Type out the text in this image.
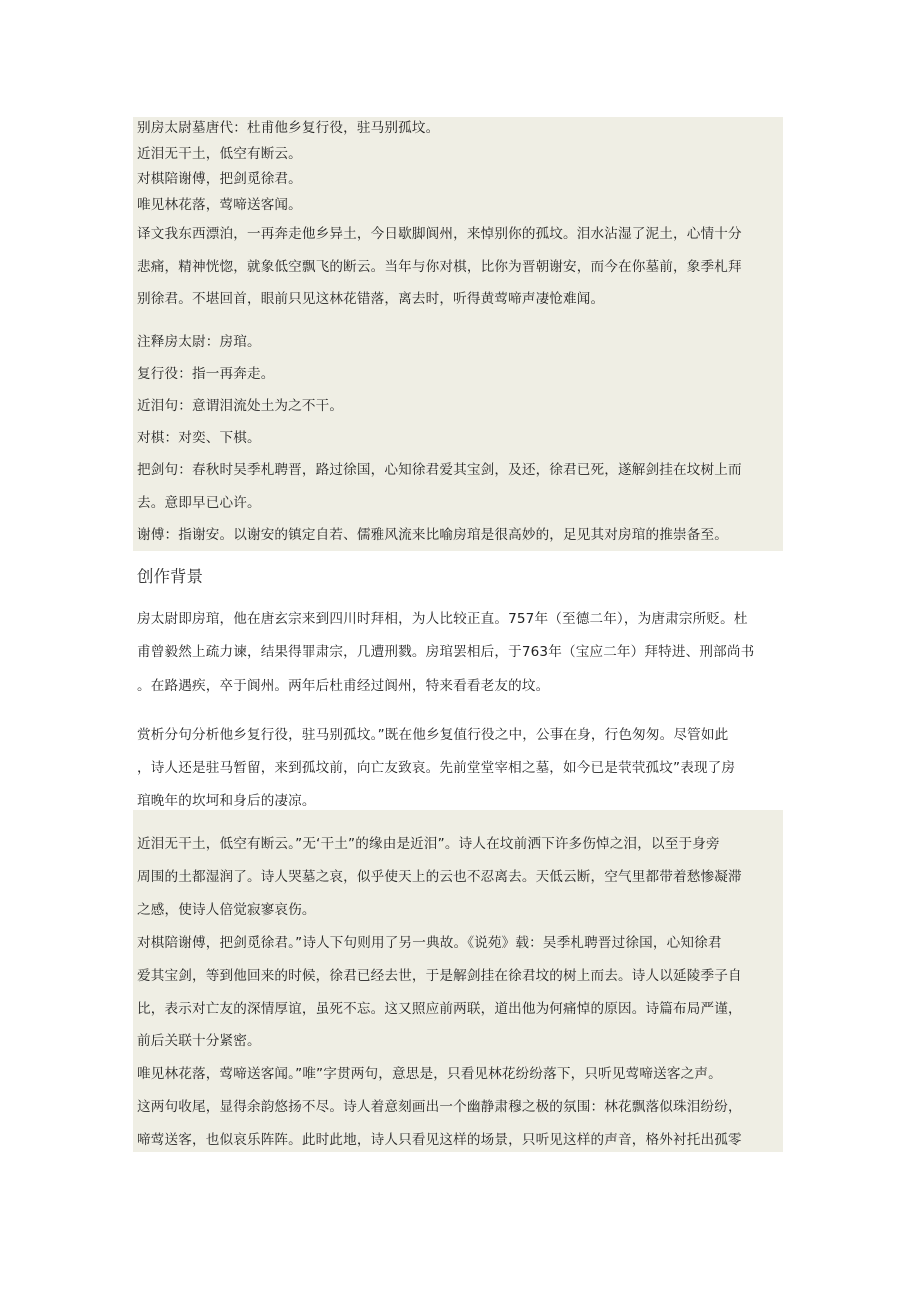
别房太尉墓唐代：杜甫他乡复行役，驻马别孤坟。
近泪无干土，低空有断云。
对棋陪谢傅，把剑觅徐君。
唯见林花落，莺啼送客闻。
译文我东西漂泊，一再奔走他乡异土，今日歇脚阆州，来悼别你的孤坟。泪水沾湿了泥土，心情十分
悲痛，精神恍惚，就象低空飘飞的断云。当年与你对棋，比你为晋朝谢安，而今在你墓前，象季札拜
别徐君。不堪回首，眼前只见这林花错落，离去时，听得黄莺啼声凄怆难闻。
注释房太尉：房琯。
复行役：指一再奔走。
近泪句：意谓泪流处土为之不干。
对棋：对奕、下棋。
把剑句：春秋时吴季札聘晋，路过徐国，心知徐君爱其宝剑，及还，徐君已死，遂解剑挂在坟树上而
去。意即早已心许。
谢傅：指谢安。以谢安的镇定自若、儒雅风流来比喻房琯是很高妙的，足见其对房琯的推崇备至。
创作背景
房太尉即房琯，他在唐玄宗来到四川时拜相，为人比较正直。757年（至德二年），为唐肃宗所贬。杜
甫曾毅然上疏力谏，结果得罪肃宗，几遭刑戮。房琯罢相后，于763年（宝应二年）拜特进、刑部尚书
。在路遇疾，卒于阆州。两年后杜甫经过阆州，特来看看老友的坟。
赏析分句分析他乡复行役，驻马别孤坟。”既在他乡复值行役之中，公事在身，行色匆匆。尽管如此
，诗人还是驻马暂留，来到孤坟前，向亡友致哀。先前堂堂宰相之墓，如今已是茕茕孤坟”表现了房
琯晚年的坎坷和身后的凄凉。
近泪无干土，低空有断云。”无‘干土”的缘由是近泪”。诗人在坟前洒下许多伤悼之泪，以至于身旁
周围的土都湿润了。诗人哭墓之哀，似乎使天上的云也不忍离去。天低云断，空气里都带着愁惨凝滞
之感，使诗人倍觉寂寥哀伤。
对棋陪谢傅，把剑觅徐君。”诗人下句则用了另一典故。《说苑》载：吴季札聘晋过徐国，心知徐君
爱其宝剑，等到他回来的时候，徐君已经去世，于是解剑挂在徐君坟的树上而去。诗人以延陵季子自
比，表示对亡友的深情厚谊，虽死不忘。这又照应前两联，道出他为何痛悼的原因。诗篇布局严谨，
前后关联十分紧密。
唯见林花落，莺啼送客闻。”唯”字贯两句，意思是，只看见林花纷纷落下，只听见莺啼送客之声。
这两句收尾，显得余韵悠扬不尽。诗人着意刻画出一个幽静肃穆之极的氛围：林花飘落似珠泪纷纷，
啼莺送客，也似哀乐阵阵。此时此地，诗人只看见这样的场景，只听见这样的声音，格外衬托出孤零
